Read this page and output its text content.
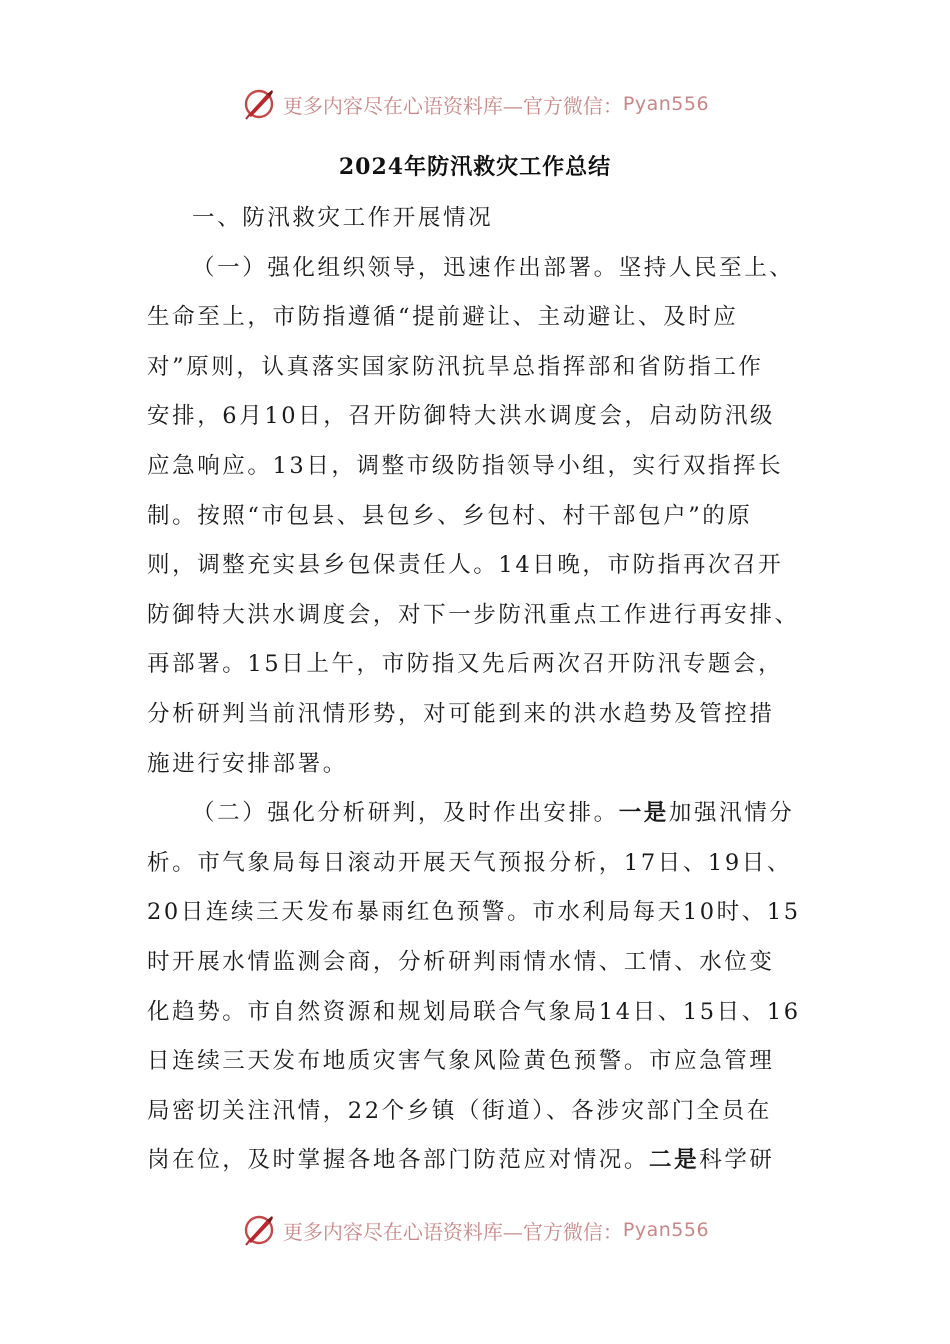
更多内容尽在心语资料库—官方微信： Pyan556
2024年防汛救灾工作总结
一、防汛救灾工作开展情况
（一）强化组织领导，迅速作出部署。坚持人民至上、
生命至上，市防指遵循“提前避让、主动避让、及时应
对”原则，认真落实国家防汛抗旱总指挥部和省防指工作
安排，6月10日，召开防御特大洪水调度会，启动防汛级
应急响应。13日，调整市级防指领导小组，实行双指挥长
制。按照“市包县、县包乡、乡包村、村干部包户”的原
则，调整充实县乡包保责任人。14日晚，市防指再次召开
防御特大洪水调度会，对下一步防汛重点工作进行再安排、
再部署。15日上午，市防指又先后两次召开防汛专题会，
分析研判当前汛情形势，对可能到来的洪水趋势及管控措
施进行安排部署。
（二）强化分析研判，及时作出安排。一是加强汛情分
析。市气象局每日滚动开展天气预报分析，17日、19日、
20日连续三天发布暴雨红色预警。市水利局每天10时、15
时开展水情监测会商，分析研判雨情水情、工情、水位变
化趋势。市自然资源和规划局联合气象局14日、15日、16
日连续三天发布地质灾害气象风险黄色预警。市应急管理
局密切关注汛情，22个乡镇（街道）、各涉灾部门全员在
岗在位，及时掌握各地各部门防范应对情况。二是科学研
更多内容尽在心语资料库—官方微信： Pyan556
